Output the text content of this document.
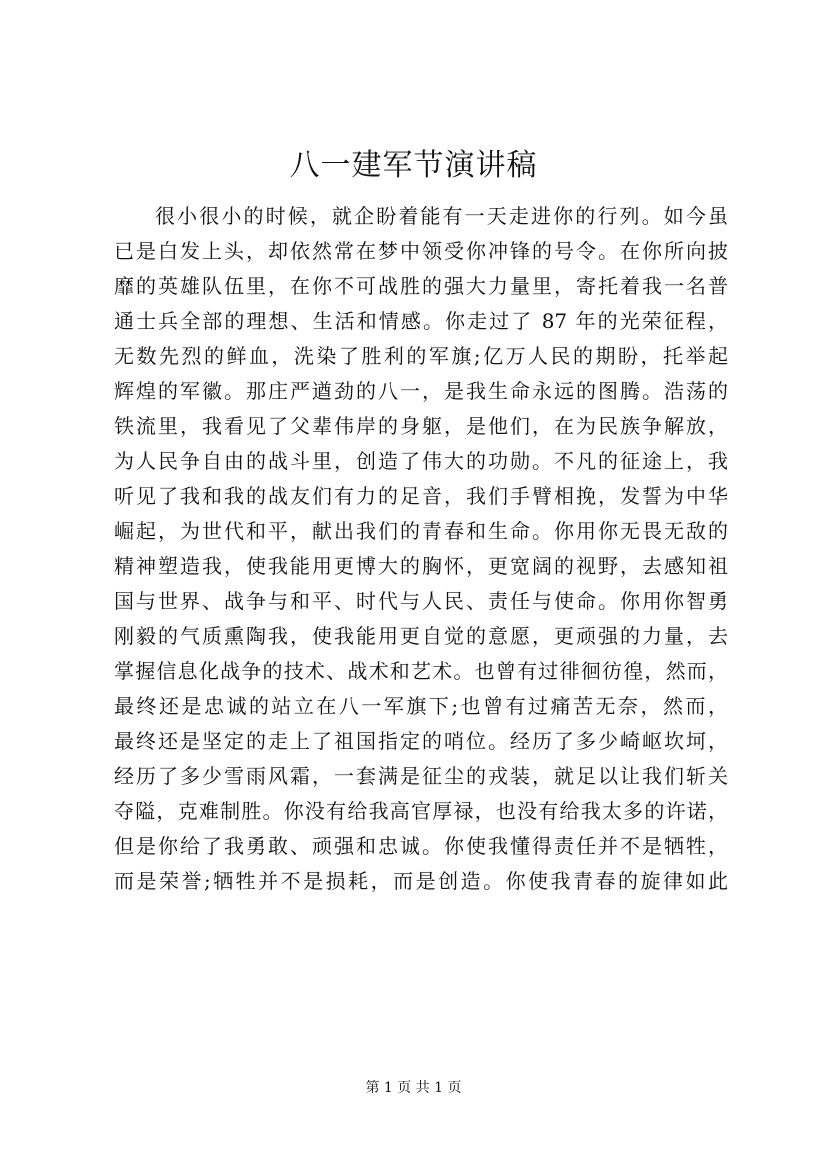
八一建军节演讲稿
很小很小的时候，就企盼着能有一天走进你的行列。如今虽
已是白发上头，却依然常在梦中领受你冲锋的号令。在你所向披
靡的英雄队伍里，在你不可战胜的强大力量里，寄托着我一名普
通士兵全部的理想、生活和情感。你走过了 87 年的光荣征程，
无数先烈的鲜血，洗染了胜利的军旗;亿万人民的期盼，托举起
辉煌的军徽。那庄严遒劲的八一，是我生命永远的图腾。浩荡的
铁流里，我看见了父辈伟岸的身躯，是他们，在为民族争解放，
为人民争自由的战斗里，创造了伟大的功勋。不凡的征途上，我
听见了我和我的战友们有力的足音，我们手臂相挽，发誓为中华
崛起，为世代和平，献出我们的青春和生命。你用你无畏无敌的
精神塑造我，使我能用更博大的胸怀，更宽阔的视野，去感知祖
国与世界、战争与和平、时代与人民、责任与使命。你用你智勇
刚毅的气质熏陶我，使我能用更自觉的意愿，更顽强的力量，去
掌握信息化战争的技术、战术和艺术。也曾有过徘徊彷徨，然而，
最终还是忠诚的站立在八一军旗下;也曾有过痛苦无奈，然而，
最终还是坚定的走上了祖国指定的哨位。经历了多少崎岖坎坷，
经历了多少雪雨风霜，一套满是征尘的戎装，就足以让我们斩关
夺隘，克难制胜。你没有给我高官厚禄，也没有给我太多的许诺，
但是你给了我勇敢、顽强和忠诚。你使我懂得责任并不是牺牲，
而是荣誉;牺牲并不是损耗，而是创造。你使我青春的旋律如此
第 1 页 共 1 页
